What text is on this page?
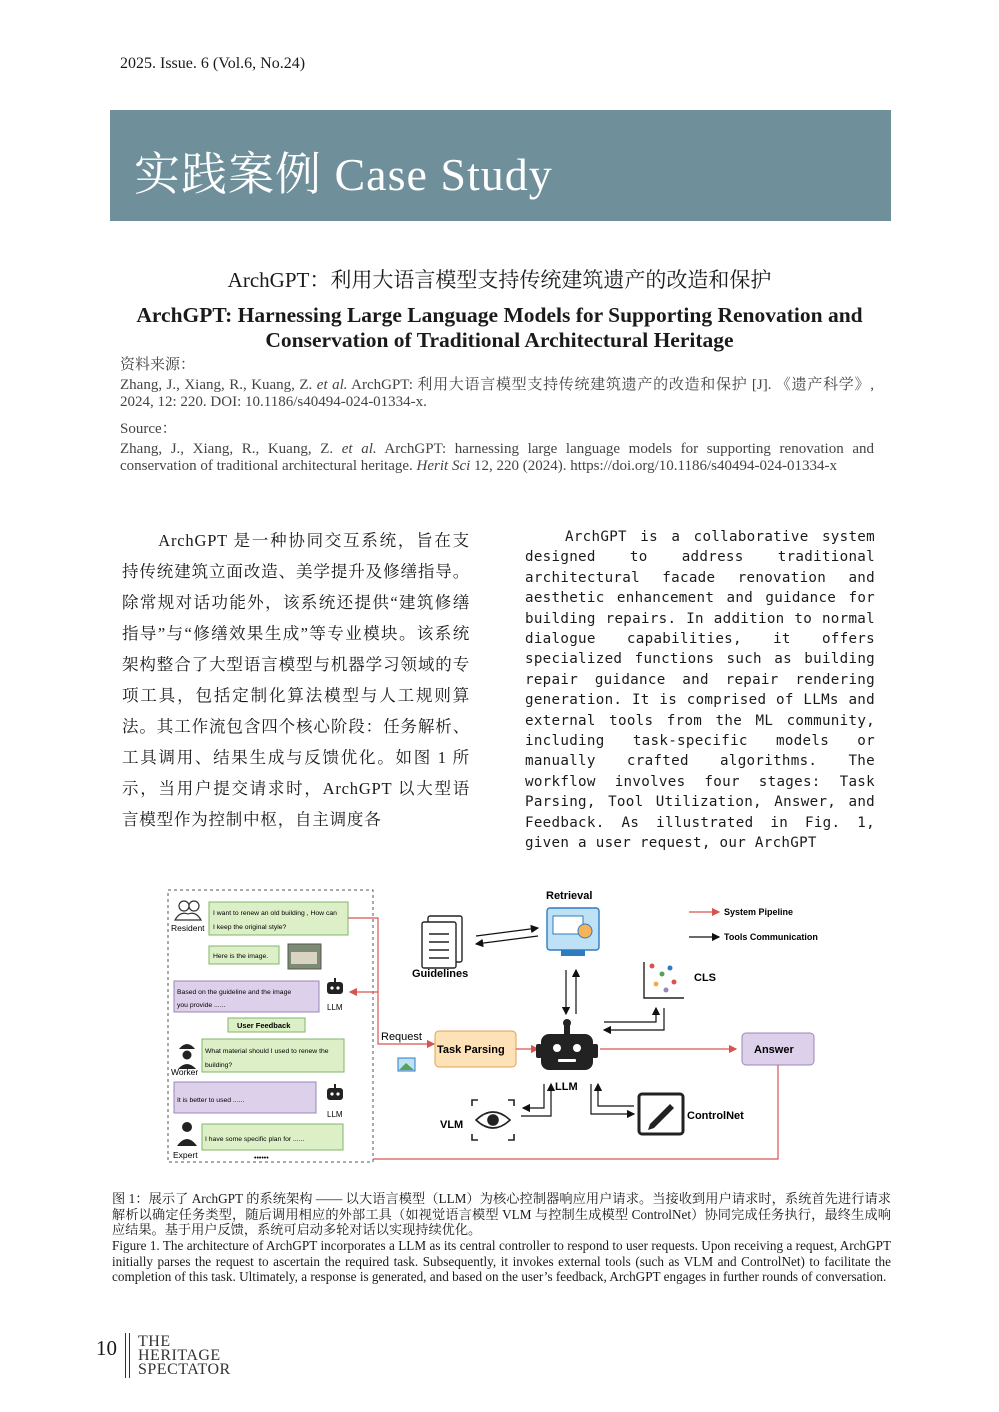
2025. Issue. 6 (Vol.6, No.24)
实践案例 Case Study
ArchGPT：利用大语言模型支持传统建筑遗产的改造和保护
ArchGPT: Harnessing Large Language Models for Supporting Renovation and Conservation of Traditional Architectural Heritage
资料来源：
Zhang, J., Xiang, R., Kuang, Z. et al. ArchGPT: 利用大语言模型支持传统建筑遗产的改造和保护 [J]. 《遗产科学》, 2024, 12: 220. DOI: 10.1186/s40494-024-01334-x.
Source：
Zhang, J., Xiang, R., Kuang, Z. et al. ArchGPT: harnessing large language models for supporting renovation and conservation of traditional architectural heritage. Herit Sci 12, 220 (2024). https://doi.org/10.1186/s40494-024-01334-x
ArchGPT 是一种协同交互系统，旨在支持传统建筑立面改造、美学提升及修缮指导。除常规对话功能外，该系统还提供“建筑修缮指导”与“修缮效果生成”等专业模块。该系统架构整合了大型语言模型与机器学习领域的专项工具，包括定制化算法模型与人工规则算法。其工作流包含四个核心阶段：任务解析、工具调用、结果生成与反馈优化。如图 1 所示，当用户提交请求时，ArchGPT 以大型语言模型作为控制中枢，自主调度各
ArchGPT is a collaborative system designed to address traditional architectural facade renovation and aesthetic enhancement and guidance for building repairs. In addition to normal dialogue capabilities, it offers specialized functions such as building repair guidance and repair rendering generation. It is comprised of LLMs and external tools from the ML community, including task-specific models or manually crafted algorithms. The workflow involves four stages: Task Parsing, Tool Utilization, Answer, and Feedback. As illustrated in Fig. 1, given a user request, our ArchGPT
Resident
I want to renew an old building , How can
I keep the original style?
Here is the image.
Based on the guideline and the image
you provide ......	LLM
User Feedback
Worker
What material should I used to renew the
building?
It is better to used ......
LLM
Expert
I have some specific plan for ......
••••••
Guidelines
Retrieval
System Pipeline
Tools Communication
CLS
Request
Task Parsing
LLM
Answer
VLM
ControlNet
图 1：展示了 ArchGPT 的系统架构 —— 以大语言模型（LLM）为核心控制器响应用户请求。当接收到用户请求时，系统首先进行请求解析以确定任务类型，随后调用相应的外部工具（如视觉语言模型 VLM 与控制生成模型 ControlNet）协同完成任务执行，最终生成响应结果。基于用户反馈，系统可启动多轮对话以实现持续优化。
Figure 1. The architecture of ArchGPT incorporates a LLM as its central controller to respond to user requests. Upon receiving a request, ArchGPT initially parses the request to ascertain the required task. Subsequently, it invokes external tools (such as VLM and ControlNet) to facilitate the completion of this task. Ultimately, a response is generated, and based on the user’s feedback, ArchGPT engages in further rounds of conversation.
10 THE
HERITAGE
SPECTATOR
